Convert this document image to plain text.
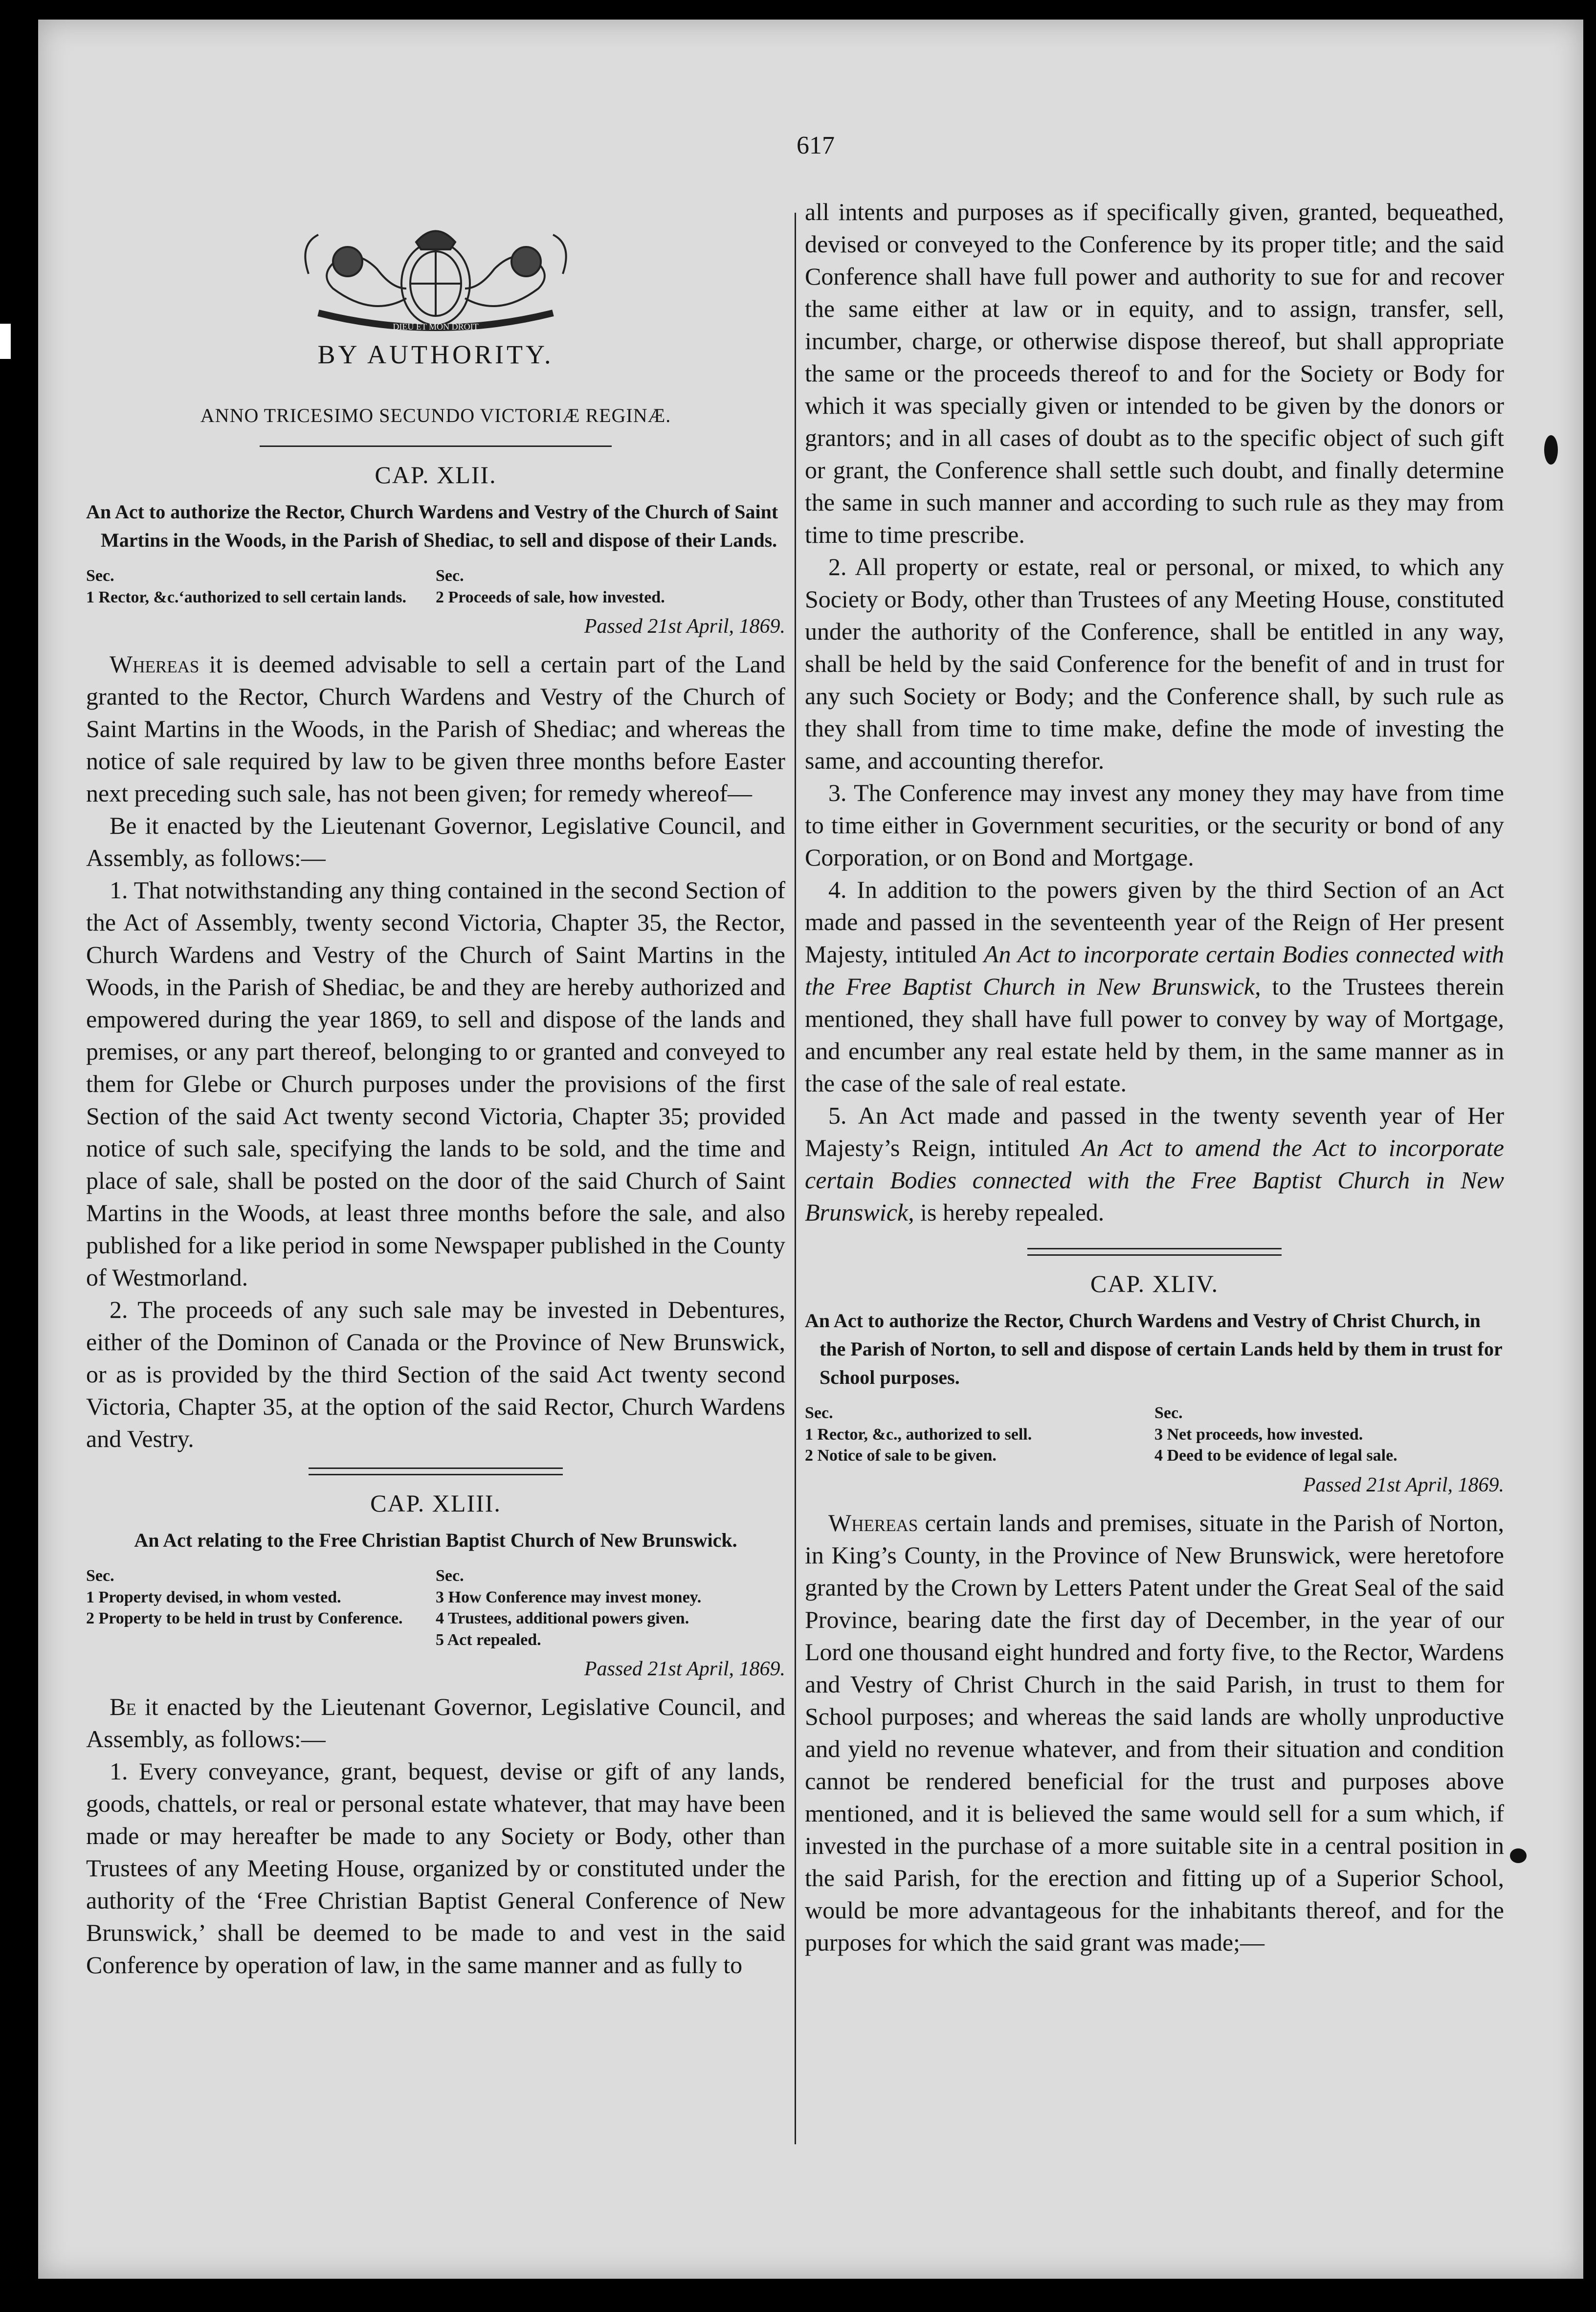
617
DIEU ET MON DROIT
BY AUTHORITY.
ANNO TRICESIMO SECUNDO VICTORIÆ REGINÆ.
CAP. XLII.
An Act to authorize the Rector, Church Wardens and Vestry of the Church of Saint Martins in the Woods, in the Parish of Shediac, to sell and dispose of their Lands.
Sec.
1 Rector, &c.‘authorized to sell certain lands.

Sec.
2 Proceeds of sale, how invested.
Passed 21st April, 1869.

Whereas it is deemed advisable to sell a certain part of the Land granted to the Rector, Church Wardens and Vestry of the Church of Saint Martins in the Woods, in the Parish of Shediac; and whereas the notice of sale required by law to be given three months before Easter next preceding such sale, has not been given; for remedy whereof—

Be it enacted by the Lieutenant Governor, Legislative Council, and Assembly, as follows:—

1. That notwithstanding any thing contained in the second Section of the Act of Assembly, twenty second Victoria, Chapter 35, the Rector, Church Wardens and Vestry of the Church of Saint Martins in the Woods, in the Parish of Shediac, be and they are hereby authorized and empowered during the year 1869, to sell and dispose of the lands and premises, or any part thereof, belonging to or granted and conveyed to them for Glebe or Church purposes under the provisions of the first Section of the said Act twenty second Victoria, Chapter 35; provided notice of such sale, specifying the lands to be sold, and the time and place of sale, shall be posted on the door of the said Church of Saint Martins in the Woods, at least three months before the sale, and also published for a like period in some Newspaper published in the County of Westmorland.

2. The proceeds of any such sale may be invested in Debentures, either of the Dominon of Canada or the Province of New Brunswick, or as is provided by the third Section of the said Act twenty second Victoria, Chapter 35, at the option of the said Rector, Church Wardens and Vestry.

CAP. XLIII.
An Act relating to the Free Christian Baptist Church of New Brunswick.
Sec.
1 Property devised, in whom vested.
2 Property to be held in trust by Conference.

Sec.
3 How Conference may invest money.
4 Trustees, additional powers given.
5 Act repealed.
Passed 21st April, 1869.

Be it enacted by the Lieutenant Governor, Legislative Council, and Assembly, as follows:—

1. Every conveyance, grant, bequest, devise or gift of any lands, goods, chattels, or real or personal estate whatever, that may have been made or may hereafter be made to any Society or Body, other than Trustees of any Meeting House, organized by or constituted under the authority of the ‘Free Christian Baptist General Conference of New Brunswick,’ shall be deemed to be made to and vest in the said Conference by operation of law, in the same manner and as fully to

all intents and purposes as if specifically given, granted, bequeathed, devised or conveyed to the Conference by its proper title; and the said Conference shall have full power and authority to sue for and recover the same either at law or in equity, and to assign, transfer, sell, incumber, charge, or otherwise dispose thereof, but shall appropriate the same or the proceeds thereof to and for the Society or Body for which it was specially given or intended to be given by the donors or grantors; and in all cases of doubt as to the specific object of such gift or grant, the Conference shall settle such doubt, and finally determine the same in such manner and according to such rule as they may from time to time prescribe.

2. All property or estate, real or personal, or mixed, to which any Society or Body, other than Trustees of any Meeting House, constituted under the authority of the Conference, shall be entitled in any way, shall be held by the said Conference for the benefit of and in trust for any such Society or Body; and the Conference shall, by such rule as they shall from time to time make, define the mode of investing the same, and accounting therefor.

3. The Conference may invest any money they may have from time to time either in Government securities, or the security or bond of any Corporation, or on Bond and Mortgage.

4. In addition to the powers given by the third Section of an Act made and passed in the seventeenth year of the Reign of Her present Majesty, intituled An Act to incorporate certain Bodies connected with the Free Baptist Church in New Brunswick, to the Trustees therein mentioned, they shall have full power to convey by way of Mortgage, and encumber any real estate held by them, in the same manner as in the case of the sale of real estate.

5. An Act made and passed in the twenty seventh year of Her Majesty’s Reign, intituled An Act to amend the Act to incorporate certain Bodies connected with the Free Baptist Church in New Brunswick, is hereby repealed.

CAP. XLIV.
An Act to authorize the Rector, Church Wardens and Vestry of Christ Church, in the Parish of Norton, to sell and dispose of certain Lands held by them in trust for School purposes.
Sec.
1 Rector, &c., authorized to sell.
2 Notice of sale to be given.

Sec.
3 Net proceeds, how invested.
4 Deed to be evidence of legal sale.
Passed 21st April, 1869.

Whereas certain lands and premises, situate in the Parish of Norton, in King’s County, in the Province of New Brunswick, were heretofore granted by the Crown by Letters Patent under the Great Seal of the said Province, bearing date the first day of December, in the year of our Lord one thousand eight hundred and forty five, to the Rector, Wardens and Vestry of Christ Church in the said Parish, in trust to them for School purposes; and whereas the said lands are wholly unproductive and yield no revenue whatever, and from their situation and condition cannot be rendered beneficial for the trust and purposes above mentioned, and it is believed the same would sell for a sum which, if invested in the purchase of a more suitable site in a central position in the said Parish, for the erection and fitting up of a Superior School, would be more advantageous for the inhabitants thereof, and for the purposes for which the said grant was made;—
